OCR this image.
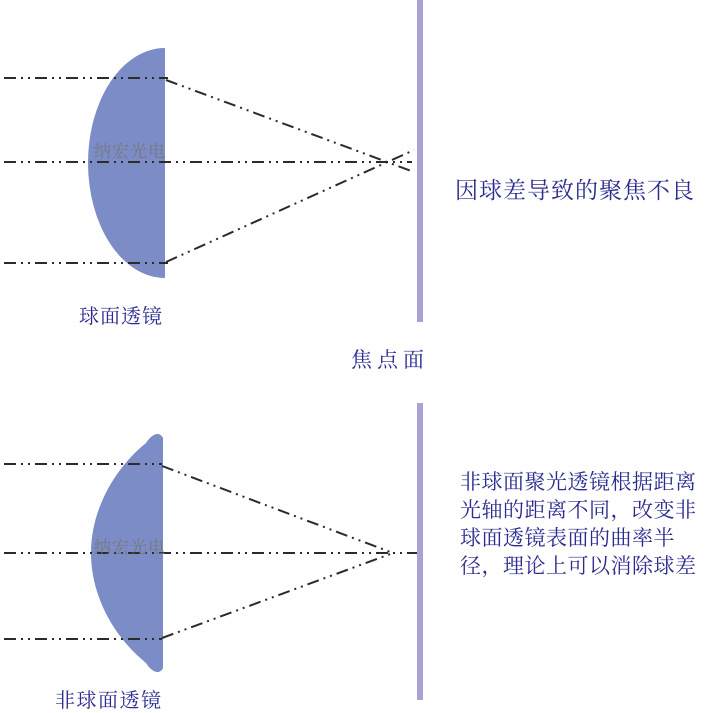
纳宏光电
纳宏光电
球面透镜
因球差导致的聚焦不良
焦点面
非球面透镜
非球面聚光透镜根据距离
光轴的距离不同，改变非
球面透镜表面的曲率半
径，理论上可以消除球差
